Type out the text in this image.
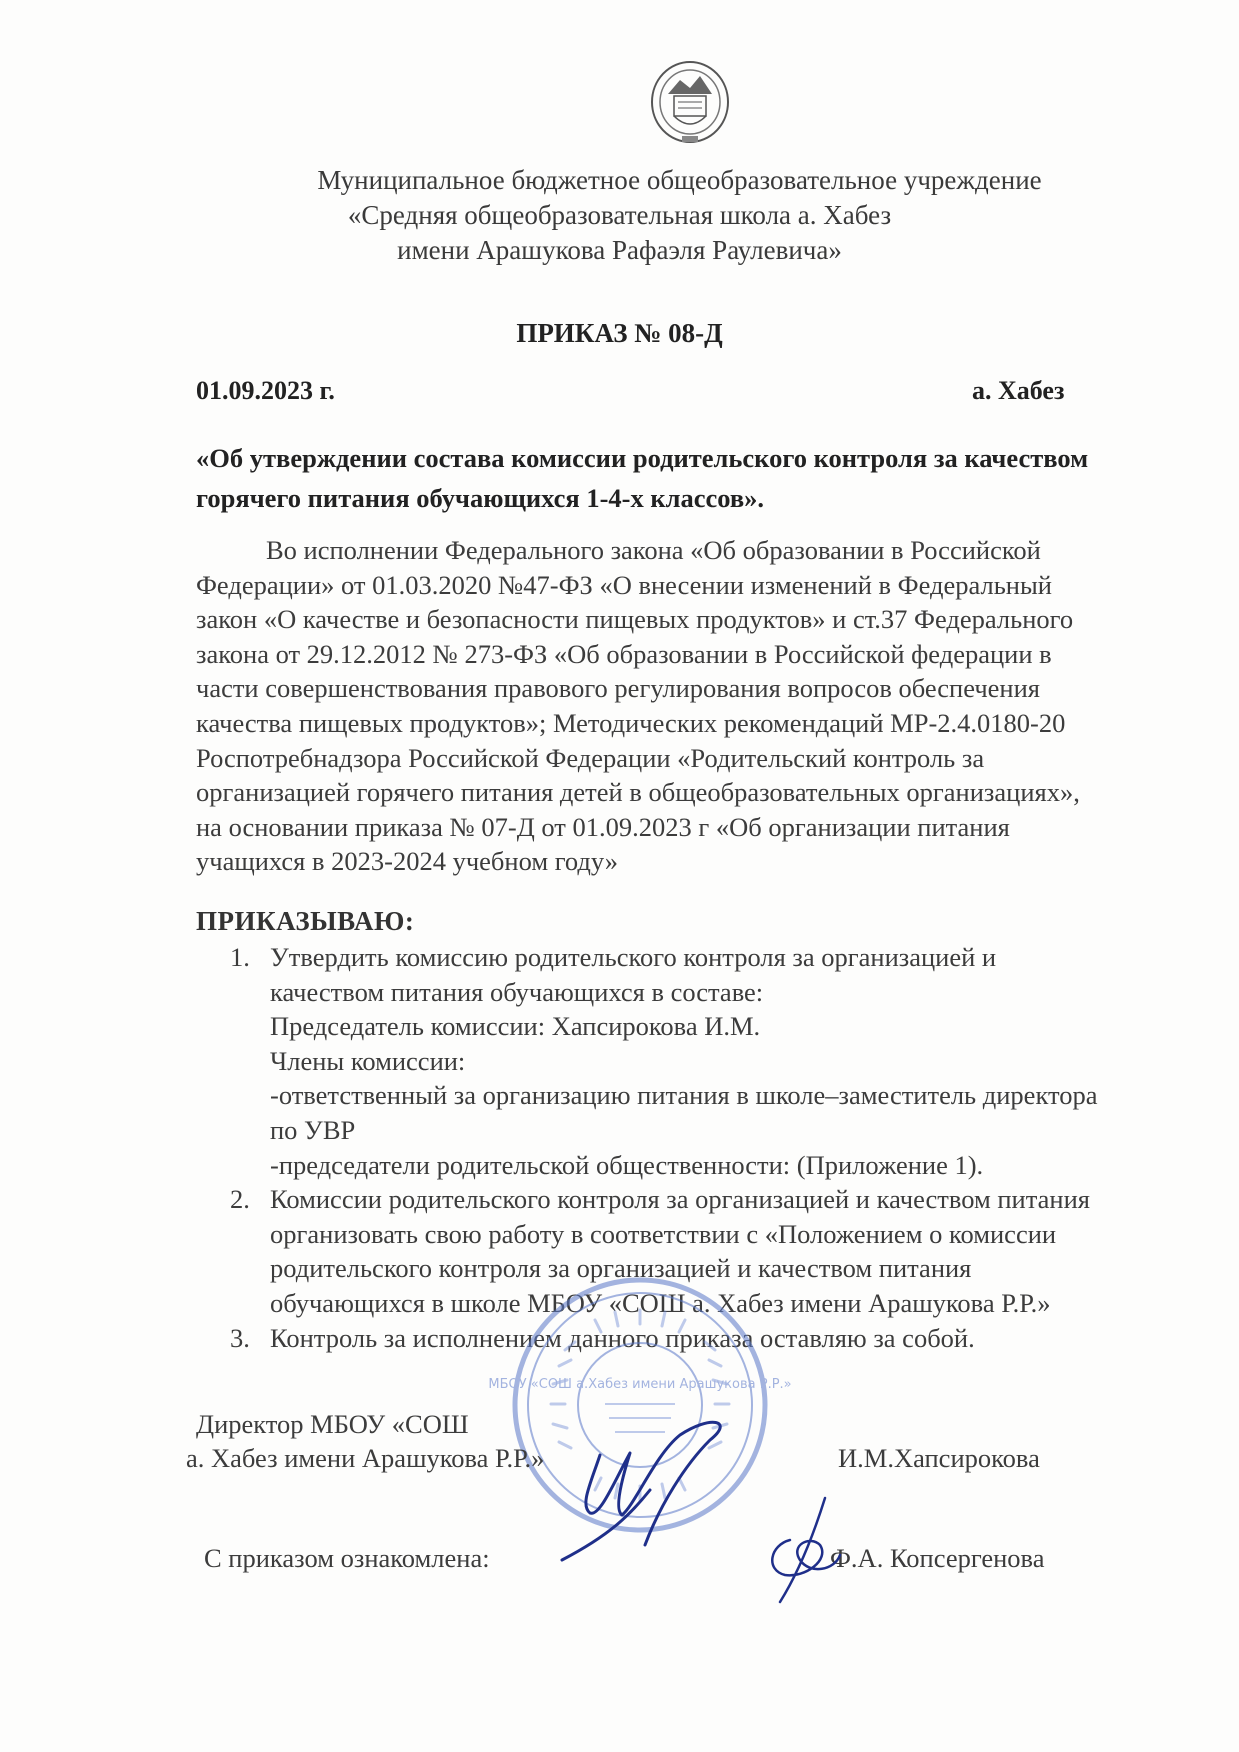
Муниципальное бюджетное общеобразовательное учреждение
«Средняя общеобразовательная школа а. Хабез
имени Арашукова Рафаэля Раулевича»
ПРИКАЗ № 08-Д
01.09.2023 г.	а. Хабез
«Об утверждении состава комиссии родительского контроля за качеством
горячего питания обучающихся 1-4-х классов».
Во исполнении Федерального закона «Об образовании в Российской
Федерации» от 01.03.2020 №47-ФЗ «О внесении изменений в Федеральный
закон «О качестве и безопасности пищевых продуктов» и ст.37 Федерального
закона от 29.12.2012 № 273-ФЗ «Об образовании в Российской федерации в
части совершенствования правового регулирования вопросов обеспечения
качества пищевых продуктов»; Методических рекомендаций МР-2.4.0180-20
Роспотребнадзора Российской Федерации «Родительский контроль за
организацией горячего питания детей в общеобразовательных организациях»,
на основании приказа № 07-Д от 01.09.2023 г «Об организации питания
учащихся в 2023-2024 учебном году»
ПРИКАЗЫВАЮ:
1. Утвердить комиссию родительского контроля за организацией и
качеством питания обучающихся в составе:
Председатель комиссии: Хапсирокова И.М.
Члены комиссии:
-ответственный за организацию питания в школе–заместитель директора
по УВР
-председатели родительской общественности: (Приложение 1).
2. Комиссии родительского контроля за организацией и качеством питания
организовать свою работу в соответствии с «Положением о комиссии
родительского контроля за организацией и качеством питания
обучающихся в школе МБОУ «СОШ а. Хабез имени Арашукова Р.Р.»
3. Контроль за исполнением данного приказа оставляю за собой.
МБОУ «СОШ а.Хабез имени Арашукова Р.Р.»
Директор МБОУ «СОШ
а. Хабез имени Арашукова Р.Р.»	И.М.Хапсирокова
С приказом ознакомлена:	Ф.А. Копсергенова
